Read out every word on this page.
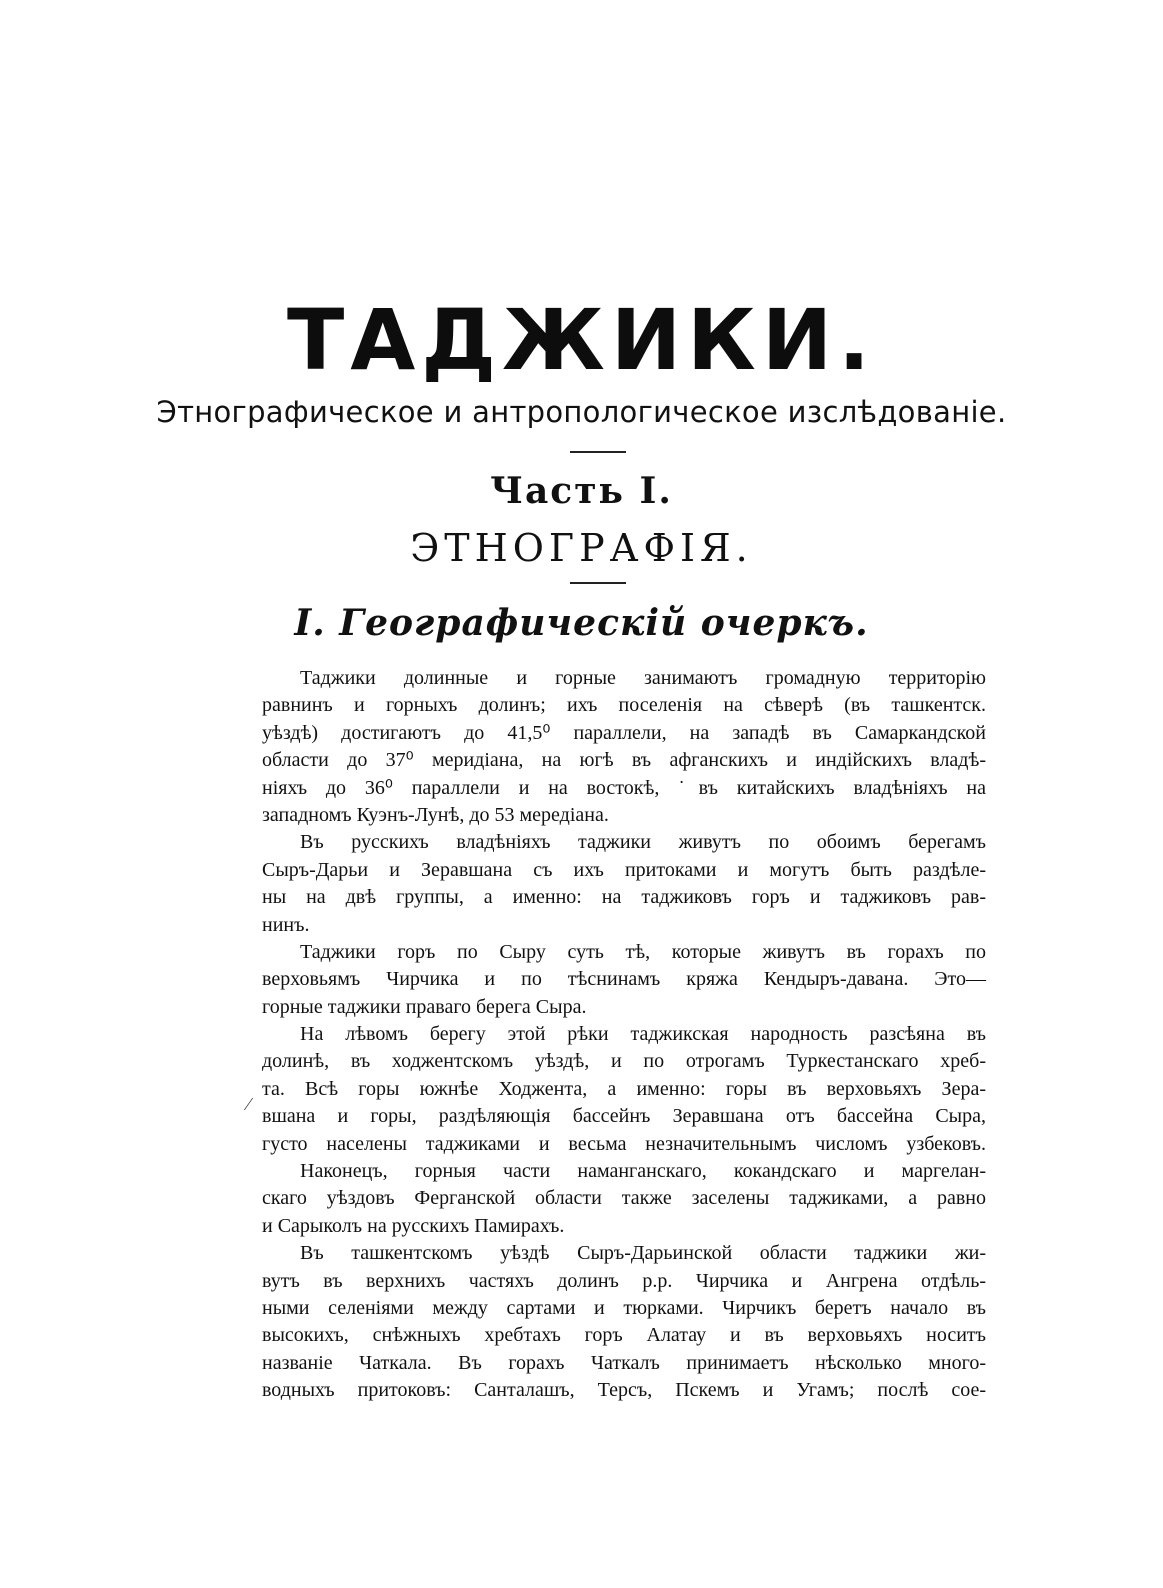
ТАДЖИКИ.
Этнографическое и антропологическое изслѣдованіе.
Часть I.
ЭТНОГРАФІЯ.
I. Географическій очеркъ.
⁄

Таджики долинные и горные занимаютъ громадную территорію
равнинъ и горныхъ долинъ; ихъ поселенія на сѣверѣ (въ ташкентск.
уѣздѣ) достигаютъ до 41,5⁰ параллели, на западѣ въ Самаркандской
области до 37⁰ меридіана, на югѣ въ афганскихъ и индійскихъ владѣ-
ніяхъ до 36⁰ параллели и на востокѣ, ˙въ китайскихъ владѣніяхъ на
западномъ Куэнъ-Лунѣ, до 53 мередіана.

Въ русскихъ владѣніяхъ таджики живутъ по обоимъ берегамъ
Сыръ-Дарьи и Зеравшана съ ихъ притоками и могутъ быть раздѣле-
ны на двѣ группы, а именно: на таджиковъ горъ и таджиковъ рав-
нинъ.

Таджики горъ по Сыру суть тѣ, которые живутъ въ горахъ по
верховьямъ Чирчика и по тѣснинамъ кряжа Кендыръ-давана. Это—
горные таджики праваго берега Сыра.

На лѣвомъ берегу этой рѣки таджикская народность разсѣяна въ
долинѣ, въ ходжентскомъ уѣздѣ, и по отрогамъ Туркестанскаго хреб-
та. Всѣ горы южнѣе Ходжента, а именно: горы въ верховьяхъ Зера-
вшана и горы, раздѣляющія бассейнъ Зеравшана отъ бассейна Сыра,
густо населены таджиками и весьма незначительнымъ числомъ узбековъ.

Наконецъ, горныя части наманганскаго, кокандскаго и маргелан-
скаго уѣздовъ Ферганской области также заселены таджиками, а равно
и Сарыколъ на русскихъ Памирахъ.

Въ ташкентскомъ уѣздѣ Сыръ-Дарьинской области таджики жи-
вутъ въ верхнихъ частяхъ долинъ р.р. Чирчика и Ангрена отдѣль-
ными селеніями между сартами и тюрками. Чирчикъ беретъ начало въ
высокихъ, снѣжныхъ хребтахъ горъ Алатау и въ верховьяхъ носитъ
названіе Чаткала. Въ горахъ Чаткалъ принимаетъ нѣсколько много-
водныхъ притоковъ: Санталашъ, Терсъ, Пскемъ и Угамъ; послѣ сое-
